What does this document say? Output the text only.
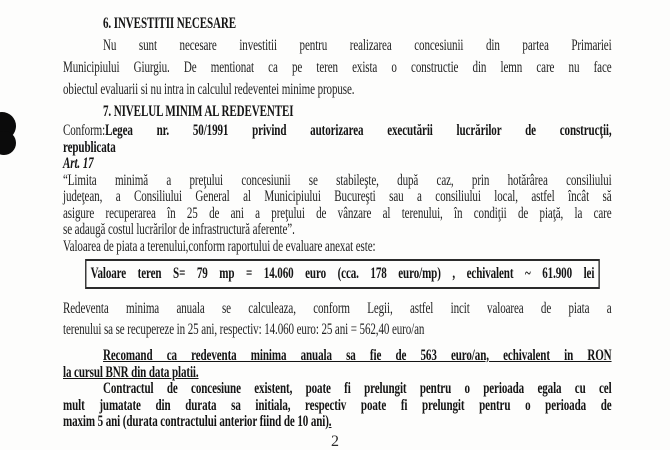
6. INVESTITII NECESARE
Nu sunt necesare investitii pentru realizarea concesiunii din partea Primariei
Municipiului Giurgiu. De mentionat ca pe teren exista o constructie din lemn care nu face
obiectul evaluarii si nu intra in calculul redeventei minime propuse.
7. NIVELUL MINIM AL REDEVENTEI
Conform:Legea nr. 50/1991 privind autorizarea executării lucrărilor de construcţii,
republicata
Art. 17
“Limita minimă a preţului concesiunii se stabileşte, după caz, prin hotărârea consiliului
judeţean, a Consiliului General al Municipiului Bucureşti sau a consiliului local, astfel încât să
asigure recuperarea în 25 de ani a preţului de vânzare al terenului, în condiţii de piaţă, la care
se adaugă costul lucrărilor de infrastructură aferente”.
Valoarea de piata a terenului,conform raportului de evaluare anexat este:
Valoare teren S= 79 mp = 14.060 euro (cca. 178 euro/mp) , echivalent ~ 61.900 lei
Redeventa minima anuala se calculeaza, conform Legii, astfel incit valoarea de piata a
terenului sa se recupereze in 25 ani, respectiv: 14.060 euro: 25 ani = 562,40 euro/an
Recomand ca redeventa minima anuala sa fie de 563 euro/an, echivalent in RON
la cursul BNR din data platii.
Contractul de concesiune existent, poate fi prelungit pentru o perioada egala cu cel
mult jumatate din durata sa initiala, respectiv poate fi prelungit pentru o perioada de
maxim 5 ani (durata contractului anterior fiind de 10 ani).
2
